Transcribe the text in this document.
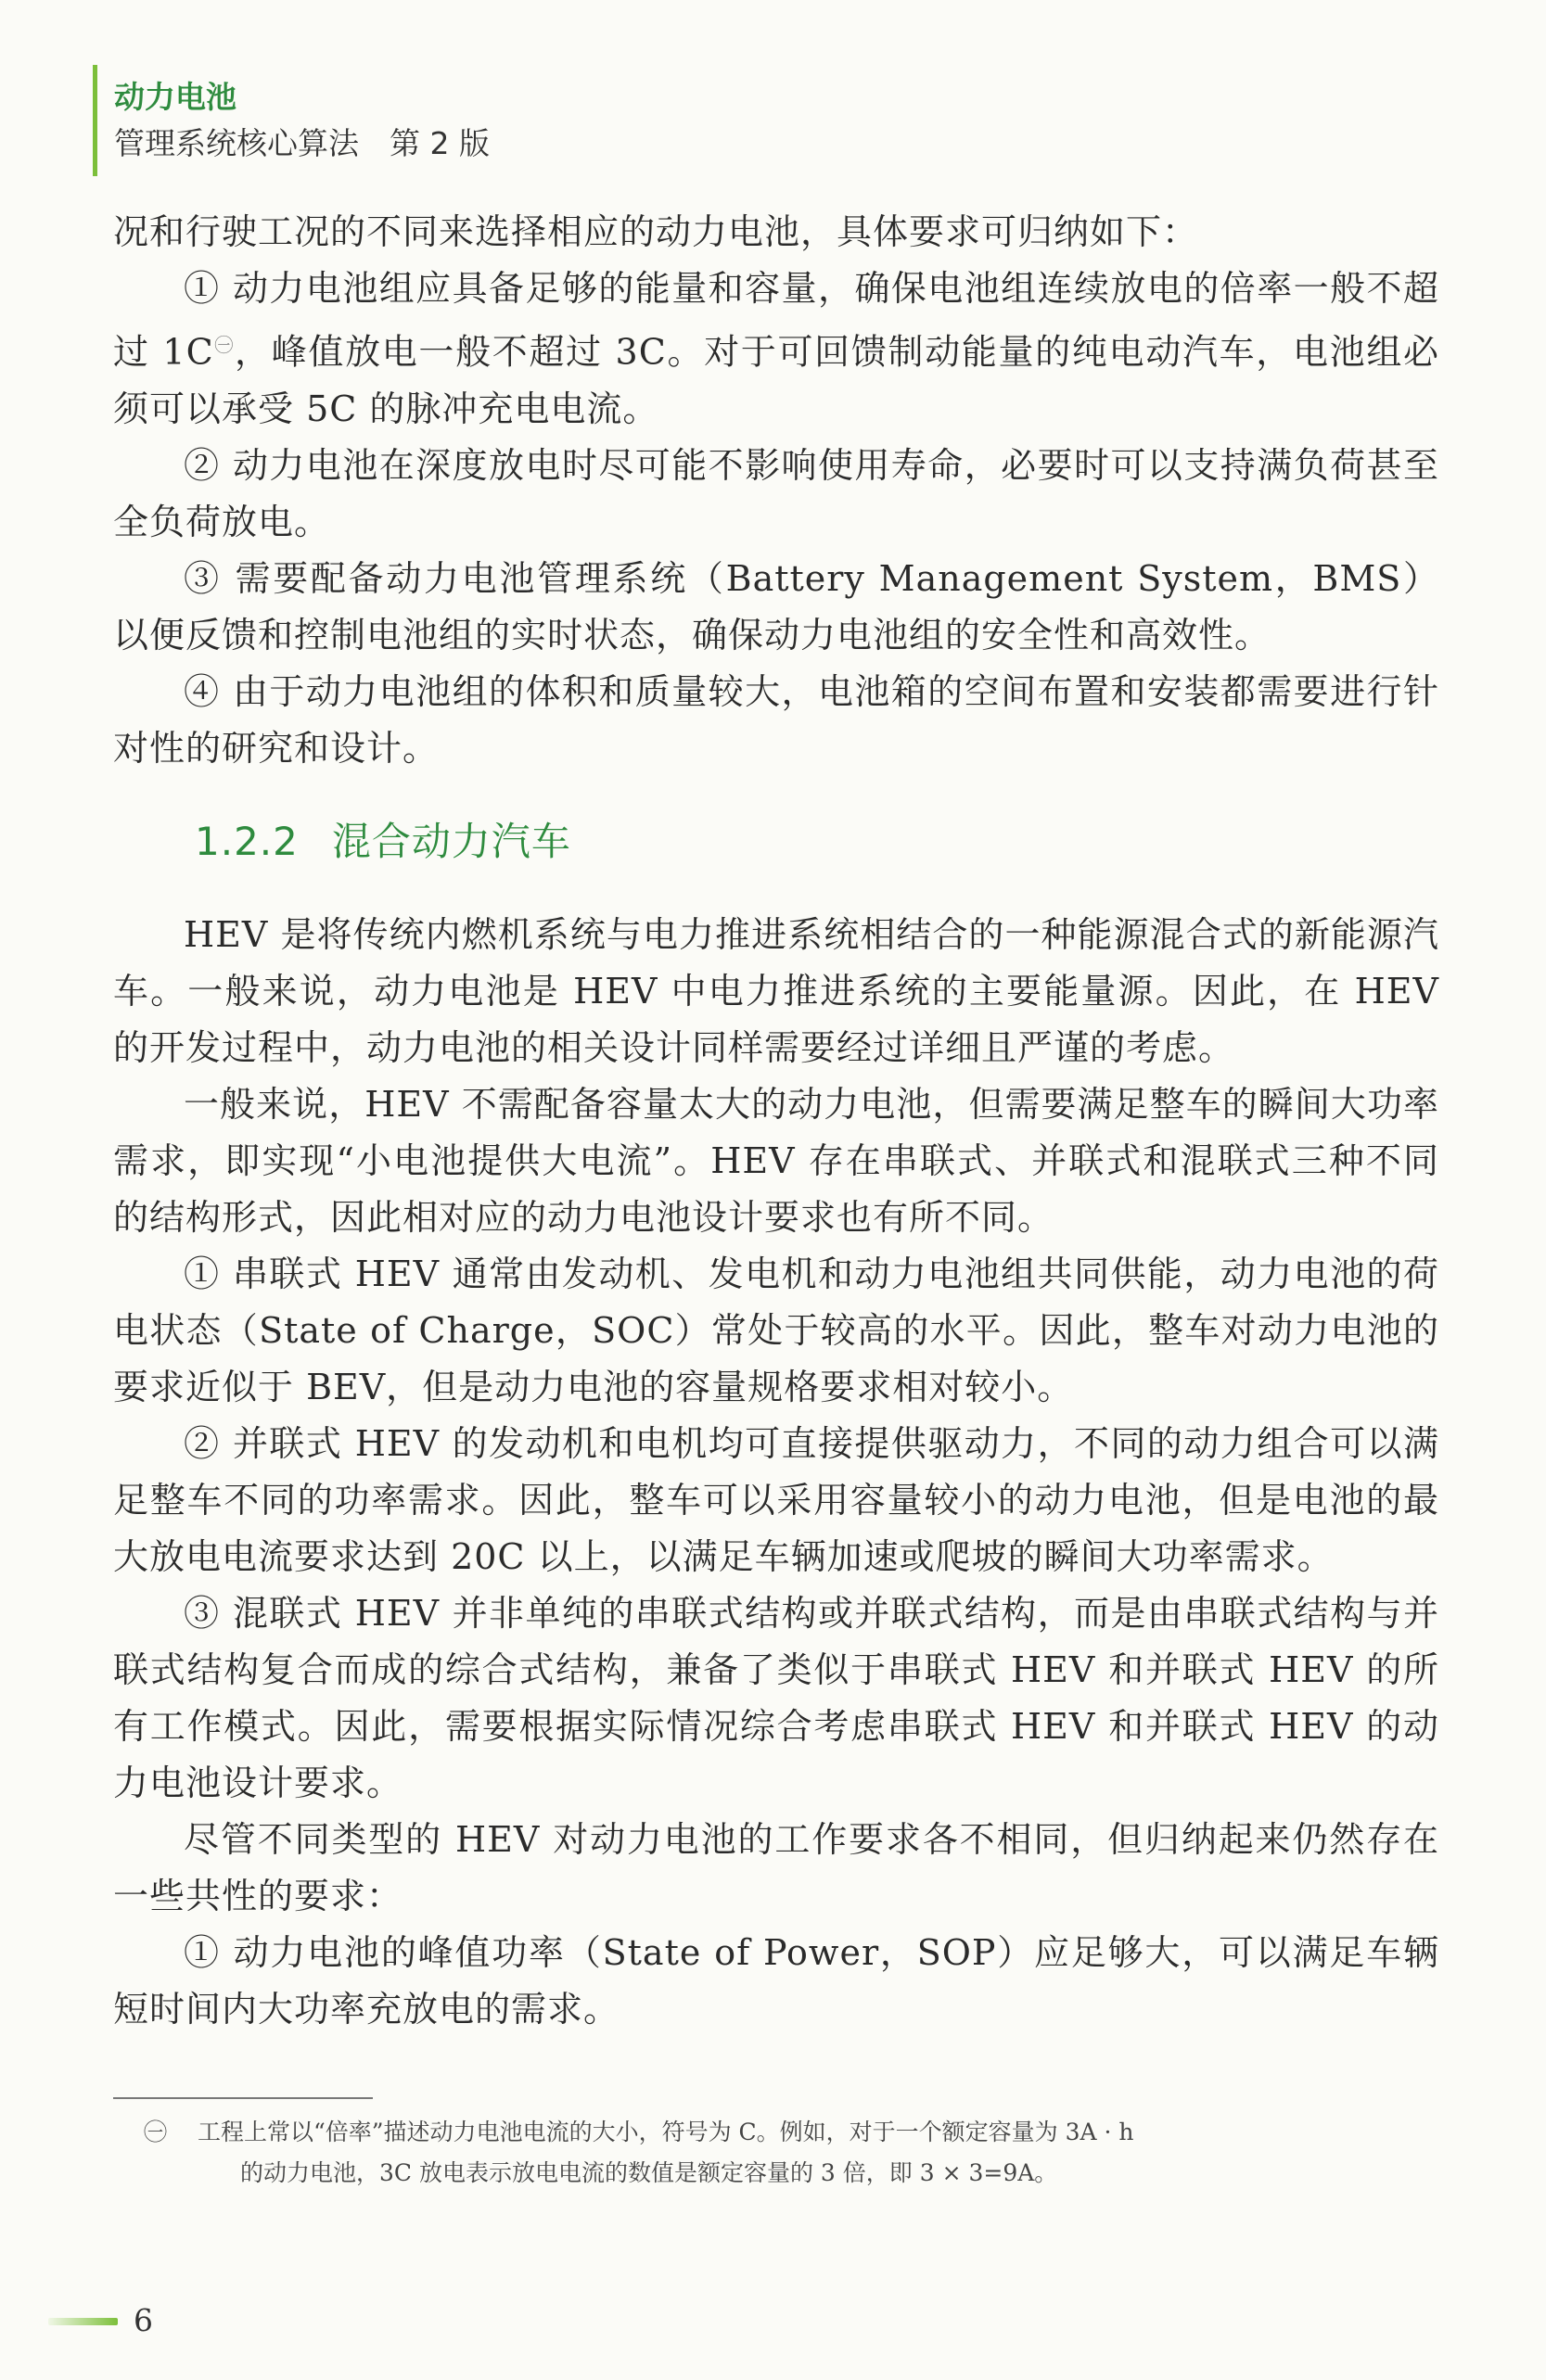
动力电池
管理系统核心算法　第 2 版

况和行驶工况的不同来选择相应的动力电池，具体要求可归纳如下：

① 动力电池组应具备足够的能量和容量，确保电池组连续放电的倍率一般不超过 1C$^㊀$，峰值放电一般不超过 3C。对于可回馈制动能量的纯电动汽车，电池组必须可以承受 5C 的脉冲充电电流。

② 动力电池在深度放电时尽可能不影响使用寿命，必要时可以支持满负荷甚至全负荷放电。

③ 需要配备动力电池管理系统（Battery Management System，BMS）以便反馈和控制电池组的实时状态，确保动力电池组的安全性和高效性。

④ 由于动力电池组的体积和质量较大，电池箱的空间布置和安装都需要进行针对性的研究和设计。

1.2.2 混合动力汽车

HEV 是将传统内燃机系统与电力推进系统相结合的一种能源混合式的新能源汽车。一般来说，动力电池是 HEV 中电力推进系统的主要能量源。因此，在 HEV 的开发过程中，动力电池的相关设计同样需要经过详细且严谨的考虑。

一般来说，HEV 不需配备容量太大的动力电池，但需要满足整车的瞬间大功率需求，即实现“小电池提供大电流”。HEV 存在串联式、并联式和混联式三种不同的结构形式，因此相对应的动力电池设计要求也有所不同。

① 串联式 HEV 通常由发动机、发电机和动力电池组共同供能，动力电池的荷电状态（State of Charge，SOC）常处于较高的水平。因此，整车对动力电池的要求近似于 BEV，但是动力电池的容量规格要求相对较小。

② 并联式 HEV 的发动机和电机均可直接提供驱动力，不同的动力组合可以满足整车不同的功率需求。因此，整车可以采用容量较小的动力电池，但是电池的最大放电电流要求达到 20C 以上，以满足车辆加速或爬坡的瞬间大功率需求。

③ 混联式 HEV 并非单纯的串联式结构或并联式结构，而是由串联式结构与并联式结构复合而成的综合式结构，兼备了类似于串联式 HEV 和并联式 HEV 的所有工作模式。因此，需要根据实际情况综合考虑串联式 HEV 和并联式 HEV 的动力电池设计要求。

尽管不同类型的 HEV 对动力电池的工作要求各不相同，但归纳起来仍然存在一些共性的要求：

① 动力电池的峰值功率（State of Power，SOP）应足够大，可以满足车辆短时间内大功率充放电的需求。

㊀ 工程上常以“倍率”描述动力电池电流的大小，符号为 C。例如，对于一个额定容量为 3A · h
的动力电池，3C 放电表示放电电流的数值是额定容量的 3 倍，即 3 × 3=9A。
6
